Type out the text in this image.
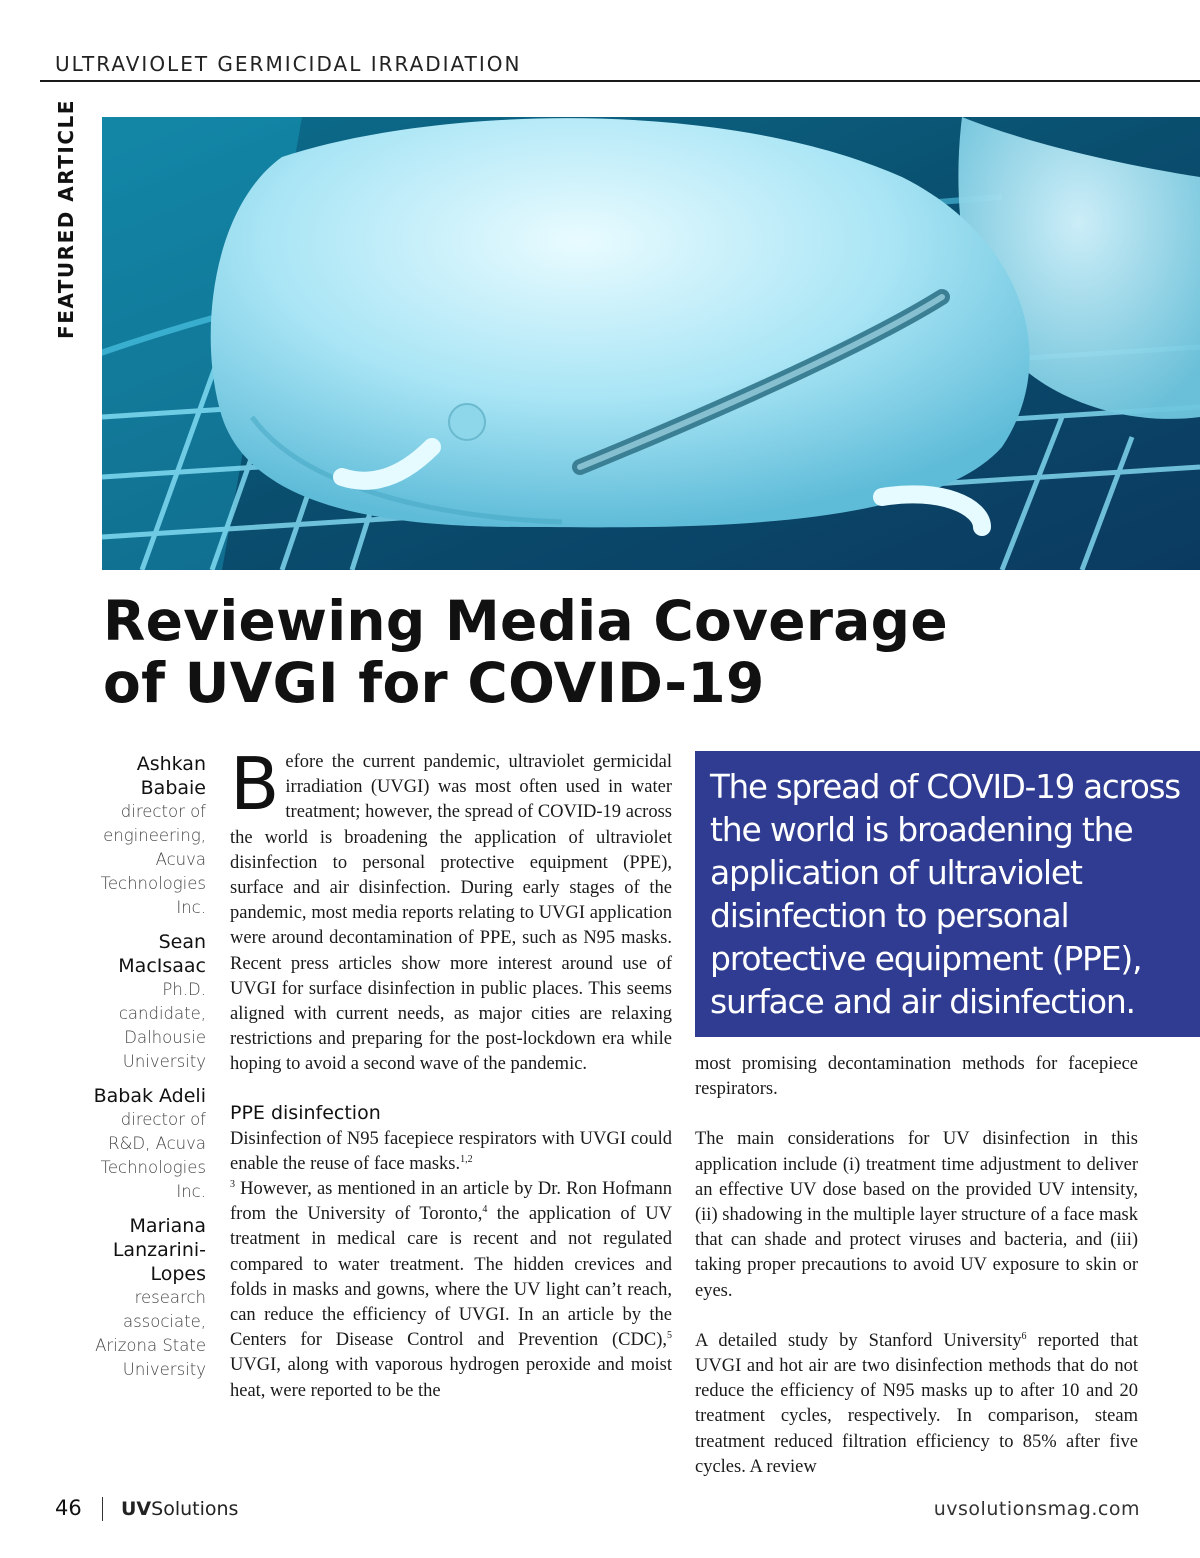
ULTRAVIOLET GERMICIDAL IRRADIATION
FEATURED ARTICLE
Reviewing Media Coverage
of UVGI for COVID-19
Ashkan
Babaie
director of
engineering,
Acuva
Technologies
Inc.
Sean
MacIsaac
Ph.D.
candidate,
Dalhousie
University
Babak Adeli
director of
R&D, Acuva
Technologies
Inc.
Mariana
Lanzarini-
Lopes
research
associate,
Arizona State
University

Before the current pandemic, ultraviolet germicidal irradiation (UVGI) was most often used in water treatment; however, the spread of COVID-19 across the world is broadening the application of ultraviolet disinfection to personal protective equipment (PPE), surface and air disinfection. During early stages of the pandemic, most media reports relating to UVGI application were around decontamination of PPE, such as N95 masks. Recent press articles show more interest around use of UVGI for surface disinfection in public places. This seems aligned with current needs, as major cities are relaxing restrictions and preparing for the post-lockdown era while hoping to avoid a second wave of the pandemic.

PPE disinfection

Disinfection of N95 facepiece respirators with UVGI could enable the reuse of face masks.$^{1,2}$
$^3$ However, as mentioned in an article by Dr. Ron Hofmann from the University of Toronto,$^4$ the application of UV treatment in medical care is recent and not regulated compared to water treatment. The hidden crevices and folds in masks and gowns, where the UV light can’t reach, can reduce the efficiency of UVGI. In an article by the Centers for Disease Control and Prevention (CDC),$^5$ UVGI, along with vaporous hydrogen peroxide and moist heat, were reported to be the

The spread of COVID-19 across
the world is broadening the
application of ultraviolet
disinfection to personal
protective equipment (PPE),
surface and air disinfection.

most promising decontamination methods for facepiece respirators.

The main considerations for UV disinfection in this application include (i) treatment time adjustment to deliver an effective UV dose based on the provided UV intensity, (ii) shadowing in the multiple layer structure of a face mask that can shade and protect viruses and bacteria, and (iii) taking proper precautions to avoid UV exposure to skin or eyes.

A detailed study by Stanford University$^6$ reported that UVGI and hot air are two disinfection methods that do not reduce the efficiency of N95 masks up to after 10 and 20 treatment cycles, respectively. In comparison, steam treatment reduced filtration efficiency to 85% after five cycles. A review

46 UVSolutions	uvsolutionsmag.com
